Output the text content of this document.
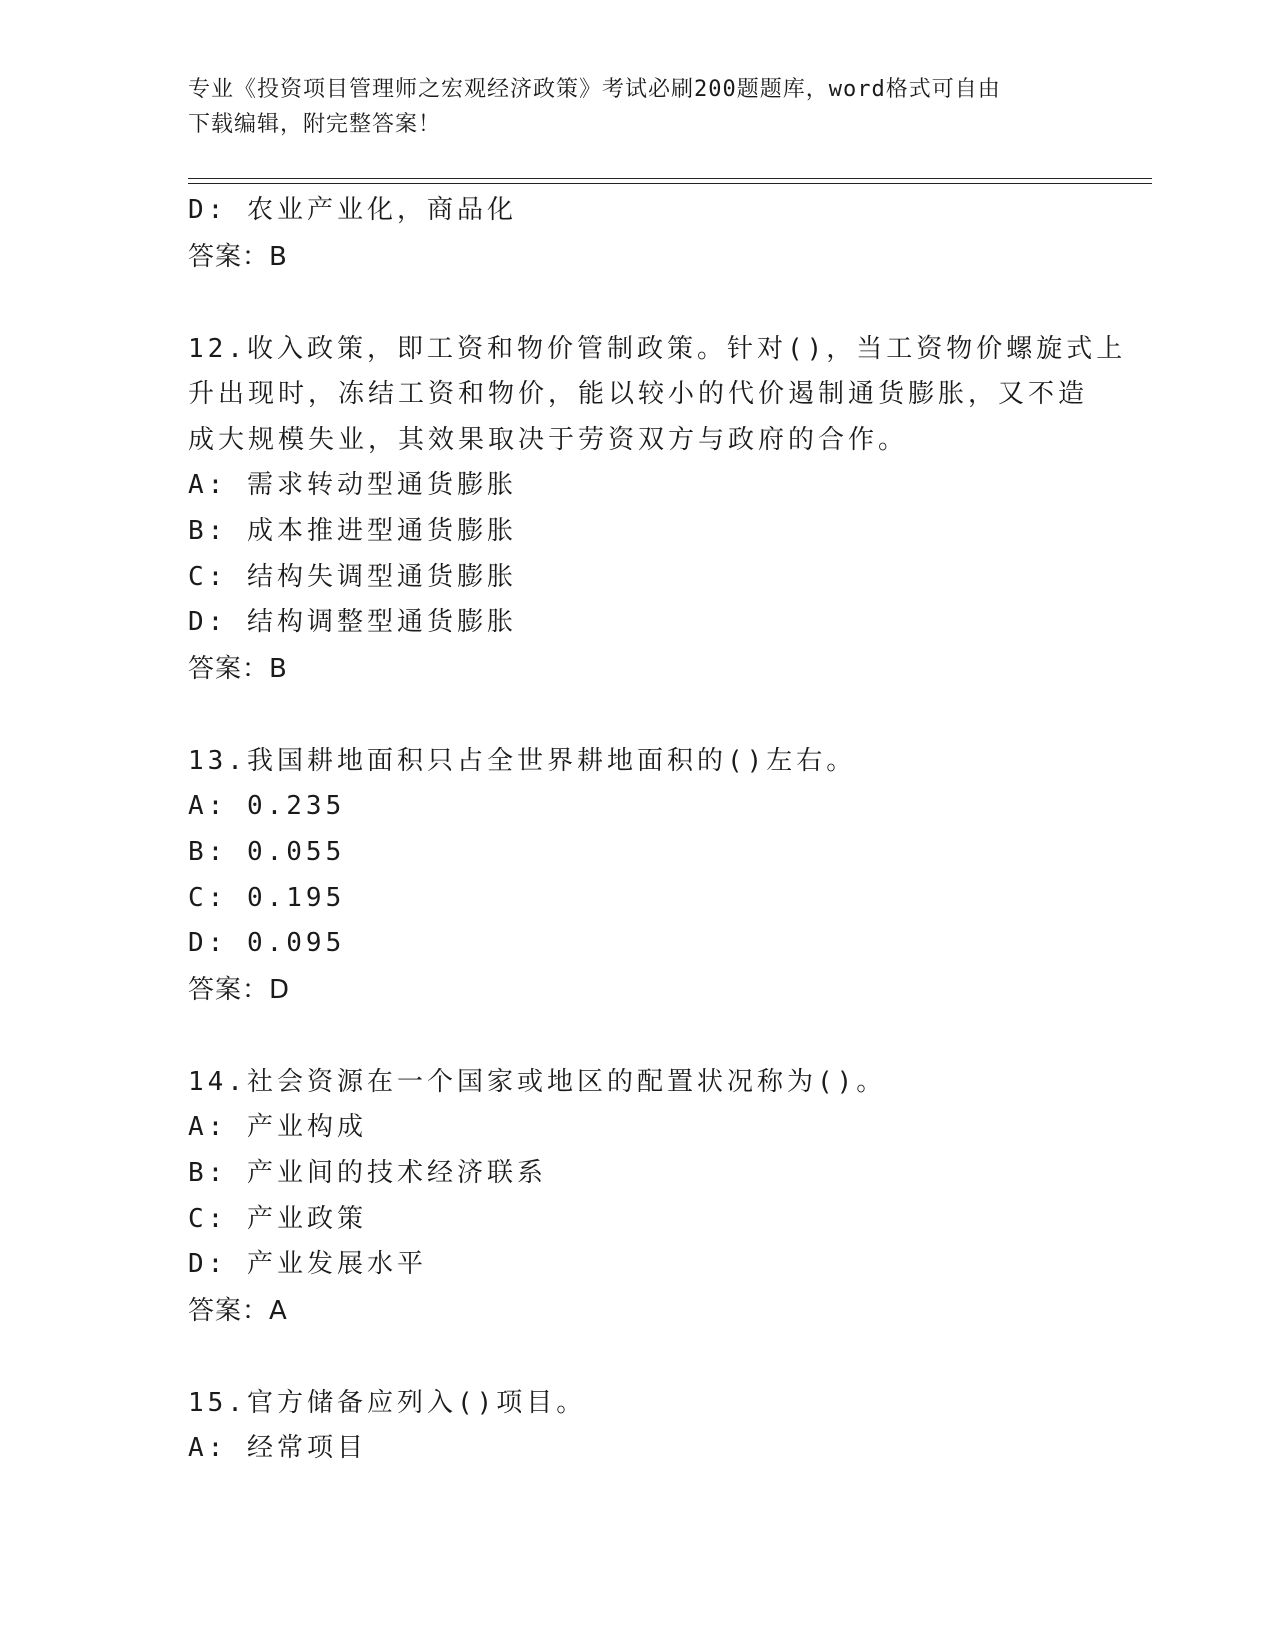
专业《投资项目管理师之宏观经济政策》考试必刷200题题库，word格式可自由
下载编辑，附完整答案！
D: 农业产业化，商品化
答案：B
12.收入政策，即工资和物价管制政策。针对()，当工资物价螺旋式上
升出现时，冻结工资和物价，能以较小的代价遏制通货膨胀，又不造
成大规模失业，其效果取决于劳资双方与政府的合作。
A: 需求转动型通货膨胀
B: 成本推进型通货膨胀
C: 结构失调型通货膨胀
D: 结构调整型通货膨胀
答案：B
13.我国耕地面积只占全世界耕地面积的()左右。
A: 0.235
B: 0.055
C: 0.195
D: 0.095
答案：D
14.社会资源在一个国家或地区的配置状况称为()。
A: 产业构成
B: 产业间的技术经济联系
C: 产业政策
D: 产业发展水平
答案：A
15.官方储备应列入()项目。
A: 经常项目
